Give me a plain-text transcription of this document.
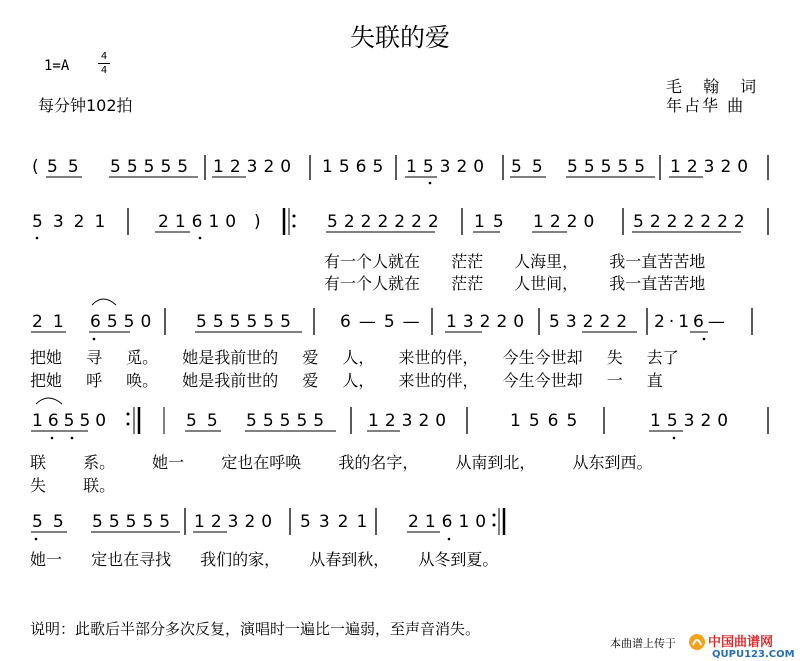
失联的爱
1=A
4
4
每分钟102拍
毛 翰 词
年占华 曲
( 55 55555 12320 1565 15320 55 55555 12320
5321	21610 )	5222222 15 1220 5222222
21 6550 555555	6—5— 13220 53222 2·16—
16550	55 55555 12320	1565	15320
55 55555 12320 5321 21610
有一个人就在 茫茫 人海里， 我一直苦苦地
有一个人就在 茫茫 人世间， 我一直苦苦地
把她 寻 觅。 她是我前世的 爱 人， 来世的伴， 今生今世却 失 去了
把她 呼 唤。 她是我前世的 爱 人， 来世的伴， 今生今世却 一 直
联 系。 她一 定也在呼唤 我的名字， 从南到北， 从东到西。
失 联。
她一 定也在寻找 我们的家， 从春到秋， 从冬到夏。
说明：此歌后半部分多次反复，演唱时一遍比一遍弱，至声音消失。
本曲谱上传于 中国曲谱网
QUPU123.COM
